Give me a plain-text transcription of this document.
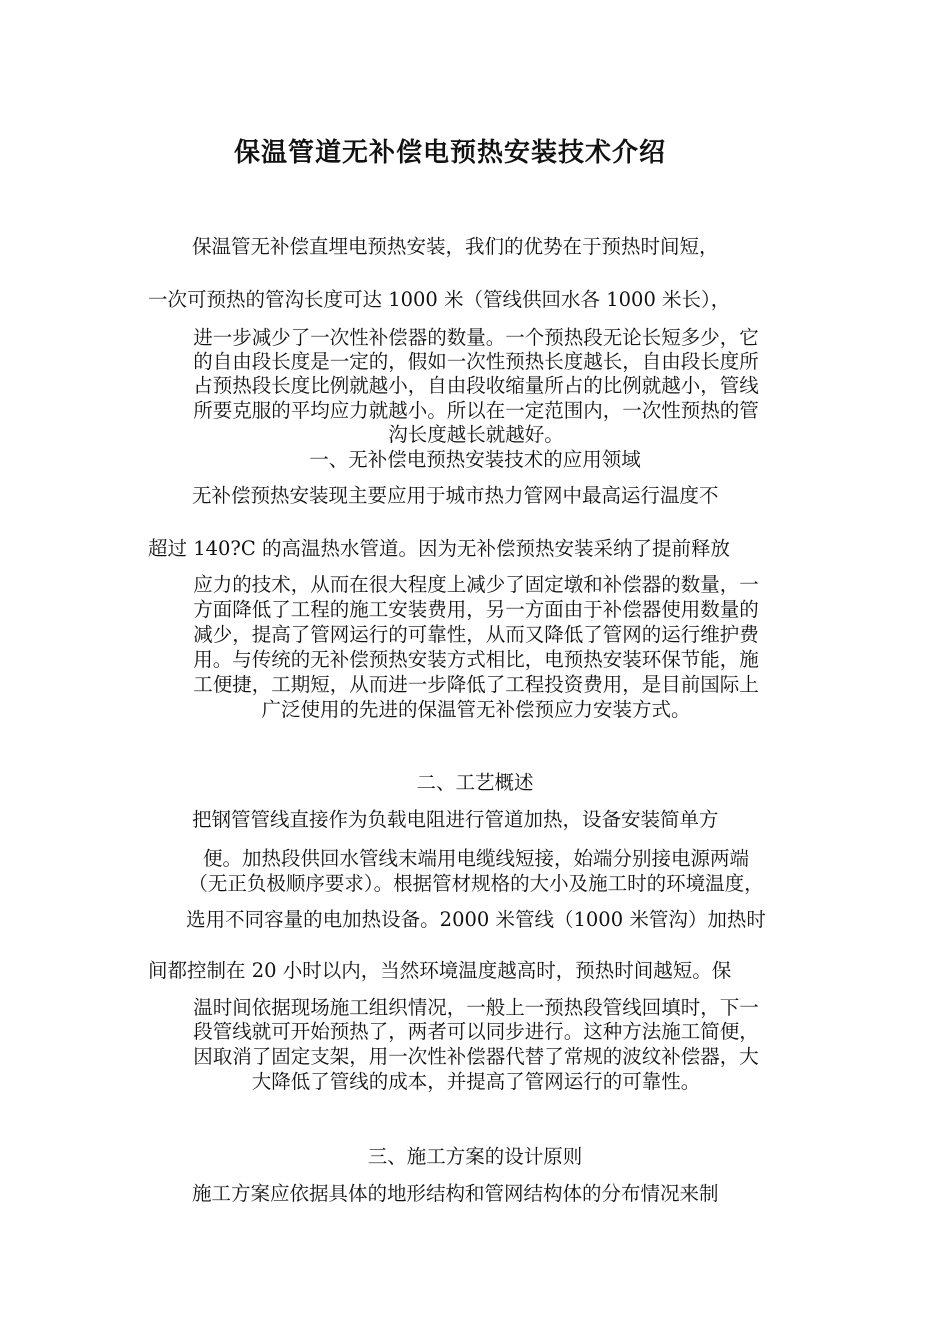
保温管道无补偿电预热安装技术介绍
保温管无补偿直埋电预热安装，我们的优势在于预热时间短，
一次可预热的管沟长度可达 1000 米（管线供回水各 1000 米长），
进一步减少了一次性补偿器的数量。一个预热段无论长短多少，它
的自由段长度是一定的，假如一次性预热长度越长，自由段长度所
占预热段长度比例就越小，自由段收缩量所占的比例就越小，管线
所要克服的平均应力就越小。所以在一定范围内，一次性预热的管
沟长度越长就越好。
一、无补偿电预热安装技术的应用领域
无补偿预热安装现主要应用于城市热力管网中最高运行温度不
超过 140?C 的高温热水管道。因为无补偿预热安装采纳了提前释放
应力的技术，从而在很大程度上减少了固定墩和补偿器的数量，一
方面降低了工程的施工安装费用，另一方面由于补偿器使用数量的
减少，提高了管网运行的可靠性，从而又降低了管网的运行维护费
用。与传统的无补偿预热安装方式相比，电预热安装环保节能，施
工便捷，工期短，从而进一步降低了工程投资费用，是目前国际上
广泛使用的先进的保温管无补偿预应力安装方式。
二、工艺概述
把钢管管线直接作为负载电阻进行管道加热，设备安装简单方
便。加热段供回水管线末端用电缆线短接，始端分别接电源两端
（无正负极顺序要求）。根据管材规格的大小及施工时的环境温度，
选用不同容量的电加热设备。2000 米管线（1000 米管沟）加热时
间都控制在 20 小时以内，当然环境温度越高时，预热时间越短。保
温时间依据现场施工组织情况，一般上一预热段管线回填时，下一
段管线就可开始预热了，两者可以同步进行。这种方法施工简便，
因取消了固定支架，用一次性补偿器代替了常规的波纹补偿器，大
大降低了管线的成本，并提高了管网运行的可靠性。
三、施工方案的设计原则
施工方案应依据具体的地形结构和管网结构体的分布情况来制
